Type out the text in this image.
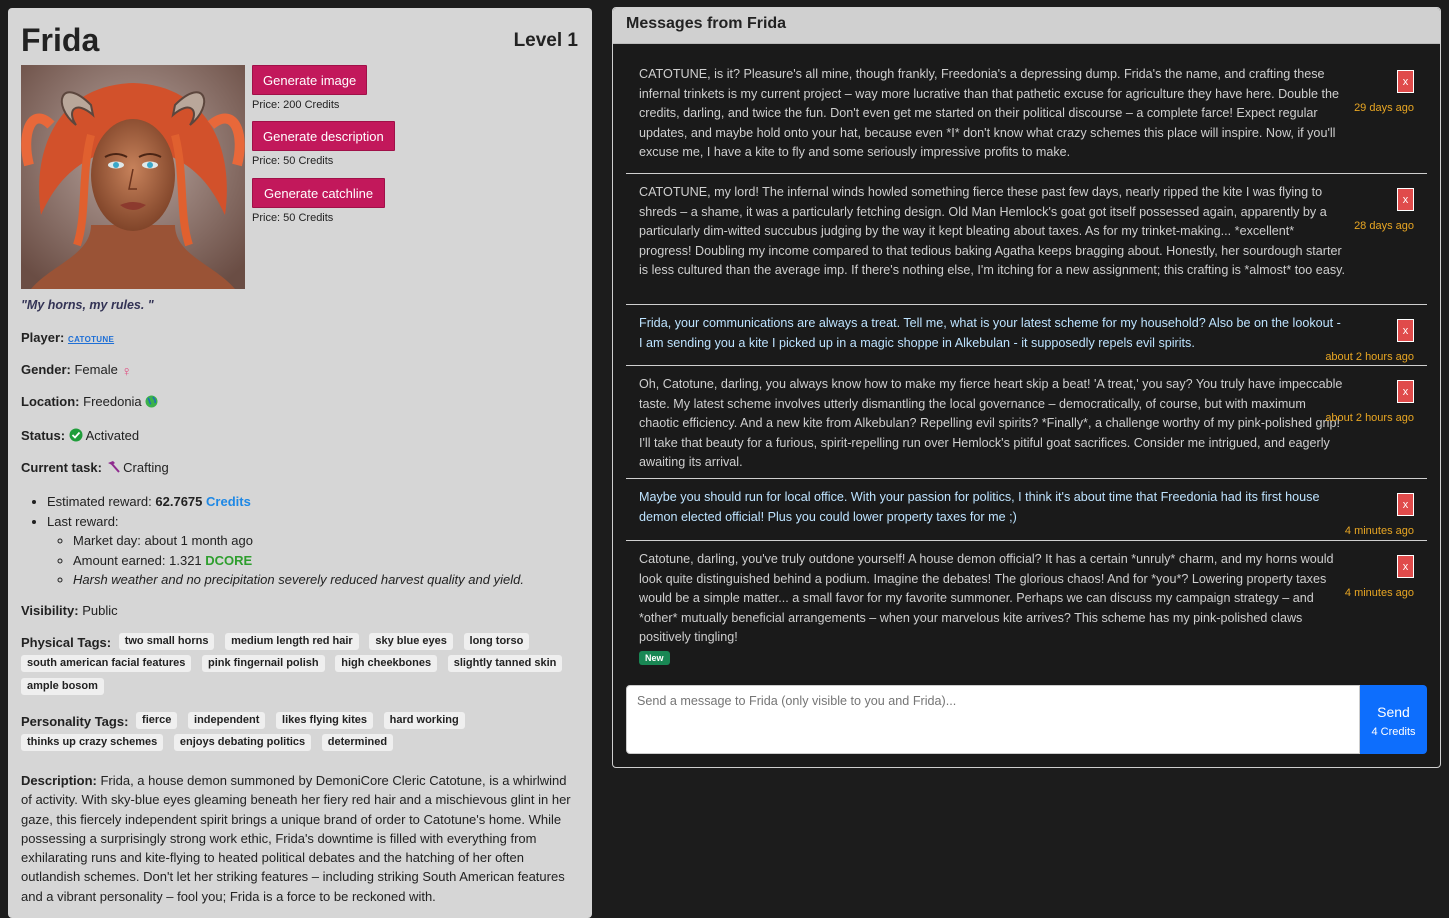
Frida	Level 1
Generate image
Price: 200 Credits
Generate description
Price: 50 Credits
Generate catchline
Price: 50 Credits
"My horns, my rules. "
Player: CATOTUNE
Gender: Female ♀
Location: Freedonia
Status: Activated
Current task: Crafting
• Estimated reward: 62.7675 Credits
• Last reward:
◦ Market day: about 1 month ago
◦ Amount earned: 1.321 DCORE
◦ Harsh weather and no precipitation severely reduced harvest quality and yield.
Visibility: Public
Physical Tags: two small horns medium length red hair sky blue eyes long torso south american facial features pink fingernail polish high cheekbones slightly tanned skin ample bosom
Personality Tags: fierce independent likes flying kites hard working thinks up crazy schemes enjoys debating politics determined
Description: Frida, a house demon summoned by DemoniCore Cleric Catotune, is a whirlwind of activity. With sky-blue eyes gleaming beneath her fiery red hair and a mischievous glint in her gaze, this fiercely independent spirit brings a unique brand of order to Catotune's home. While possessing a surprisingly strong work ethic, Frida's downtime is filled with everything from exhilarating runs and kite-flying to heated political debates and the hatching of her often outlandish schemes. Don't let her striking features – including striking South American features and a vibrant personality – fool you; Frida is a force to be reckoned with.
Messages from Frida
CATOTUNE, is it? Pleasure's all mine, though frankly, Freedonia's a depressing dump. Frida's the name, and crafting these infernal trinkets is my current project – way more lucrative than that pathetic excuse for agriculture they have here. Double the credits, darling, and twice the fun. Don't even get me started on their political discourse – a complete farce! Expect regular updates, and maybe hold onto your hat, because even *I* don't know what crazy schemes this place will inspire. Now, if you'll excuse me, I have a kite to fly and some seriously impressive profits to make.
x
29 days ago
CATOTUNE, my lord! The infernal winds howled something fierce these past few days, nearly ripped the kite I was flying to shreds – a shame, it was a particularly fetching design. Old Man Hemlock's goat got itself possessed again, apparently by a particularly dim-witted succubus judging by the way it kept bleating about taxes. As for my trinket-making... *excellent* progress! Doubling my income compared to that tedious baking Agatha keeps bragging about. Honestly, her sourdough starter is less cultured than the average imp. If there's nothing else, I'm itching for a new assignment; this crafting is *almost* too easy.
x
28 days ago
Frida, your communications are always a treat. Tell me, what is your latest scheme for my household? Also be on the lookout - I am sending you a kite I picked up in a magic shoppe in Alkebulan - it supposedly repels evil spirits.
x
about 2 hours ago
Oh, Catotune, darling, you always know how to make my fierce heart skip a beat! 'A treat,' you say? You truly have impeccable taste. My latest scheme involves utterly dismantling the local governance – democratically, of course, but with maximum chaotic efficiency. And a new kite from Alkebulan? Repelling evil spirits? *Finally*, a challenge worthy of my pink-polished grip! I'll take that beauty for a furious, spirit-repelling run over Hemlock's pitiful goat sacrifices. Consider me intrigued, and eagerly awaiting its arrival.
x
about 2 hours ago
Maybe you should run for local office. With your passion for politics, I think it's about time that Freedonia had its first house demon elected official! Plus you could lower property taxes for me ;)
x
4 minutes ago
Catotune, darling, you've truly outdone yourself! A house demon official? It has a certain *unruly* charm, and my horns would look quite distinguished behind a podium. Imagine the debates! The glorious chaos! And for *you*? Lowering property taxes would be a simple matter... a small favor for my favorite summoner. Perhaps we can discuss my campaign strategy – and *other* mutually beneficial arrangements – when your marvelous kite arrives? This scheme has my pink-polished claws positively tingling!
New
x
4 minutes ago
Send a message to Frida (only visible to you and Frida)...
Send
4 Credits
